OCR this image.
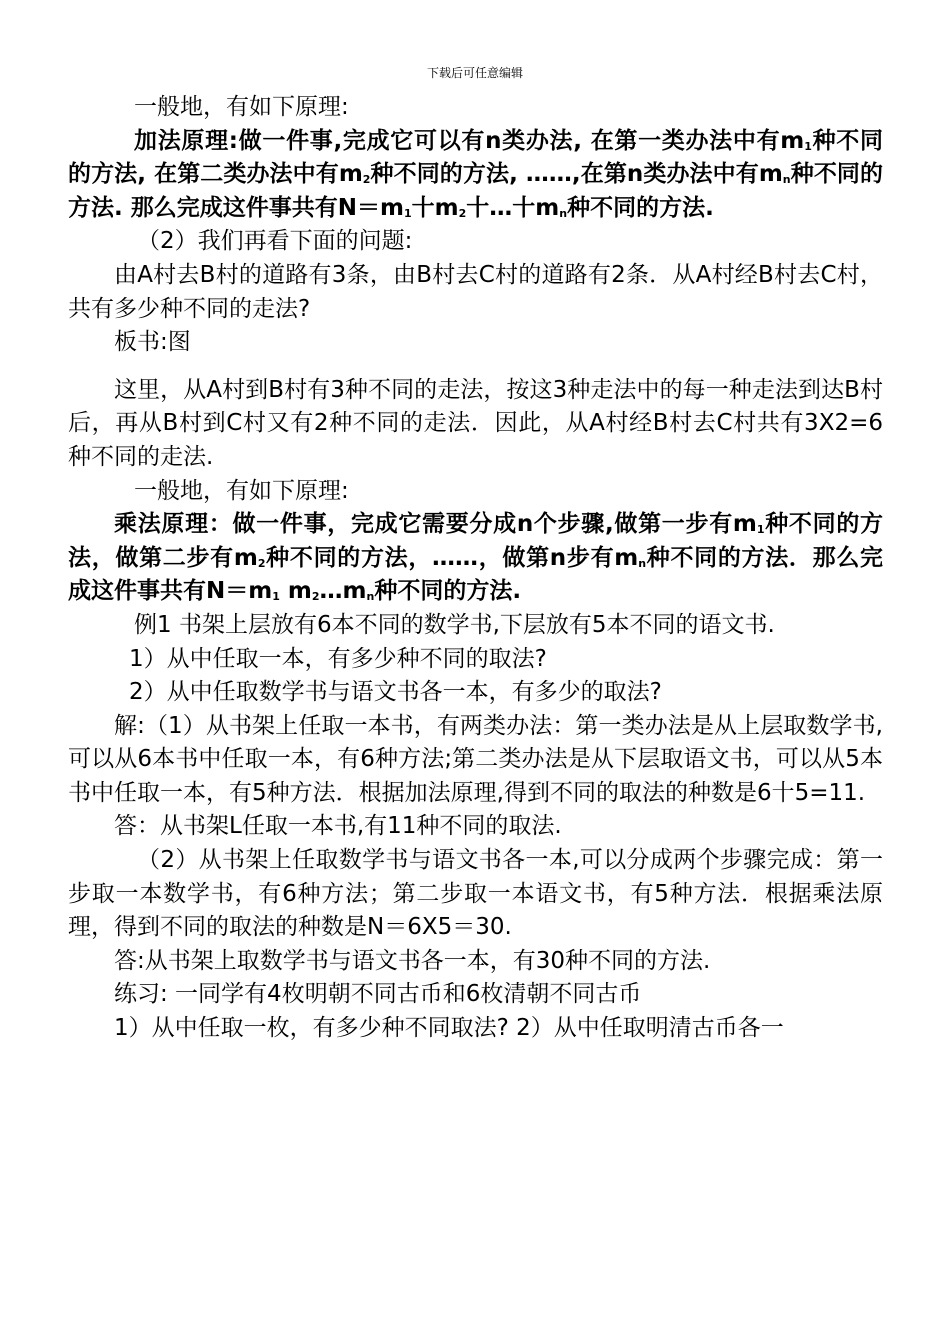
下载后可任意编辑

一般地，有如下原理:

加法原理:做一件事,完成它可以有n类办法, 在第一类办法中有$m_1$种不同的方法, 在第二类办法中有$m_2$种不同的方法, ……,在第n类办法中有$m_n$种不同的方法. 那么完成这件事共有$N=m_1$十$m_2$十…十$m_n$种不同的方法.

（2）我们再看下面的问题:

由A村去B村的道路有3条，由B村去C村的道路有2条．从A村经B村去C村，共有多少种不同的走法?

板书:图

这里，从A村到B村有3种不同的走法，按这3种走法中的每一种走法到达B村后，再从B村到C村又有2种不同的走法．因此，从A村经B村去C村共有3X2=6种不同的走法.

一般地，有如下原理:

乘法原理：做一件事，完成它需要分成n个步骤,做第一步有$m_1$种不同的方法，做第二步有$m_2$种不同的方法，……，做第n步有$m_n$种不同的方法．那么完成这件事共有$N=m_1$ $m_2\dots m_n$种不同的方法.

例1 书架上层放有6本不同的数学书,下层放有5本不同的语文书.

1）从中任取一本，有多少种不同的取法?

2）从中任取数学书与语文书各一本，有多少的取法?

解:（1）从书架上任取一本书，有两类办法：第一类办法是从上层取数学书,可以从6本书中任取一本，有6种方法;第二类办法是从下层取语文书，可以从5本书中任取一本，有5种方法．根据加法原理,得到不同的取法的种数是6十5=11.

答：从书架L任取一本书,有11种不同的取法.

（2）从书架上任取数学书与语文书各一本,可以分成两个步骤完成：第一步取一本数学书，有6种方法；第二步取一本语文书，有5种方法．根据乘法原理，得到不同的取法的种数是N＝6X5＝30.

答:从书架上取数学书与语文书各一本，有30种不同的方法.

练习: 一同学有4枚明朝不同古币和6枚清朝不同古币

1）从中任取一枚，有多少种不同取法? 2）从中任取明清古币各一
